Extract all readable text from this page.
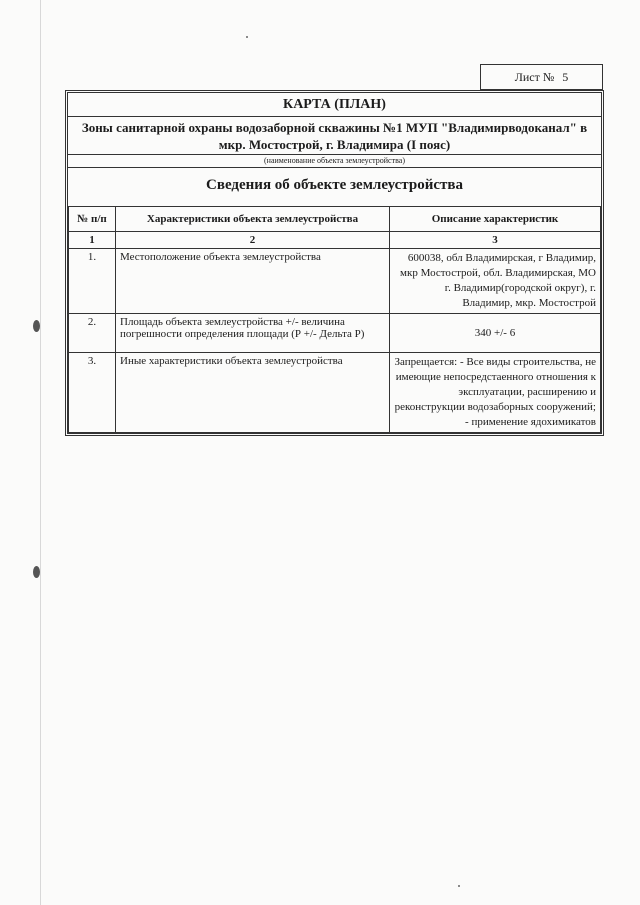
Лист № 5
КАРТА (ПЛАН)
Зоны санитарной охраны водозаборной скважины №1 МУП "Владимирводоканал" в мкр. Мостострой, г. Владимира (I пояс)
(наименование объекта землеустройства)
Сведения об объекте землеустройства
№ п/п	Характеристики объекта землеустройства	Описание характеристик
1	2	3
1.	Местоположение объекта землеустройства	600038, обл Владимирская, г Владимир, мкр Мостострой, обл. Владимирская, МО г. Владимир(городской округ), г. Владимир, мкр. Мостострой
2.	Площадь объекта землеустройства +/- величина погрешности определения площади (Р +/- Дельта Р)	340 +/- 6
3.	Иные характеристики объекта землеустройства	Запрещается: - Все виды строительства, не имеющие непосредстаенного отношения к эксплуатации, расширению и реконструкции водозаборных сооружений; - применение ядохимикатов
